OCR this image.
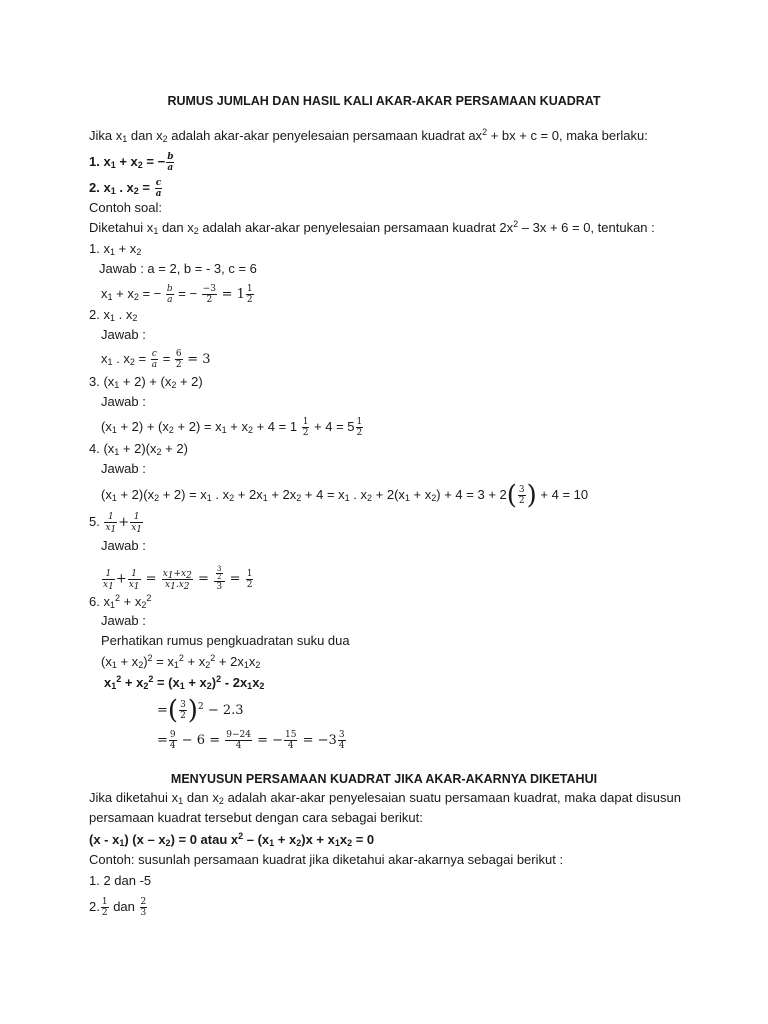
RUMUS JUMLAH DAN HASIL KALI AKAR-AKAR PERSAMAAN KUADRAT
Jika $x_1$ dan $x_2$ adalah akar-akar penyelesaian persamaan kuadrat $ax^2$ + bx + c = 0, maka berlaku:
1. $x_1 + x_2$ = − $\frac{b}{a}$
2. $x_1$ . $x_2 = \frac{c}{a}$
Contoh soal:
Diketahui $x_1$ dan $x_2$ adalah akar-akar penyelesaian persamaan kuadrat $2x^2 - 3x + 6 = 0$, tentukan :
1. $x_1 + x_2$
Jawab : a = 2, b = - 3, c = 6
$x_1 + x_2$ = − $\frac{b}{a}$ = − $\frac{-3}{2} = 1 \frac{1}{2}$
2. $x_1$ . $x_2$
Jawab :
$x_1$ . $x_2 = \frac{c}{a} = \frac{6}{2} = 3$
3. $(x_1 + 2) + (x_2 + 2)$
Jawab :
$(x_1 + 2) + (x_2 + 2) = x_1 + x_2 + 4 = 1 \frac{1}{2} + 4 = 5 \frac{1}{2}$
4. $(x_1 + 2)(x_2 + 2)$
Jawab :
$(x_1 + 2)(x_2 + 2) = x_1$ . $x_2 + 2x_1 + 2x_2 + 4 = x_1$ . $x_2 + 2(x_1 + x_2) + 4 = 3 + 2( \frac{3}{2}$ ) + 4 = 10
5. $\frac{1}{x_1} + \frac{1}{x_1}$
Jawab :
$\frac{1}{x_1} + \frac{1}{x_1} = \frac{x_1+x_2}{x_1.x_2} = \frac{\frac{3}{2}}{3} = \frac{1}{2}$
6. $x_1^2 + x_2^2$
Jawab :
Perhatikan rumus pengkuadratan suku dua
$(x_1 + x_2)^2 = x_1^2 + x_2^2 + 2x_1x_2$
$x_1^2 + x_2^2 = (x_1 + x_2)^2 - 2x_1x_2$
=( $\frac{3}{2} )^2 - 2.3$
= $\frac{9}{4} - 6 = \frac{9-24}{4}$ = − $\frac{15}{4} = -3 \frac{3}{4}$
MENYUSUN PERSAMAAN KUADRAT JIKA AKAR-AKARNYA DIKETAHUI
Jika diketahui $x_1$ dan $x_2$ adalah akar-akar penyelesaian suatu persamaan kuadrat, maka dapat disusun persamaan kuadrat tersebut dengan cara sebagai berikut:
$(x - x_1)$ $(x - x_2) = 0$ atau $x^2 - (x_1 + x_2)x + x_1x_2 = 0$
Contoh: susunlah persamaan kuadrat jika diketahui akar-akarnya sebagai berikut :
1. 2 dan -5
2. $\frac{1}{2}$ dan $\frac{2}{3}$
